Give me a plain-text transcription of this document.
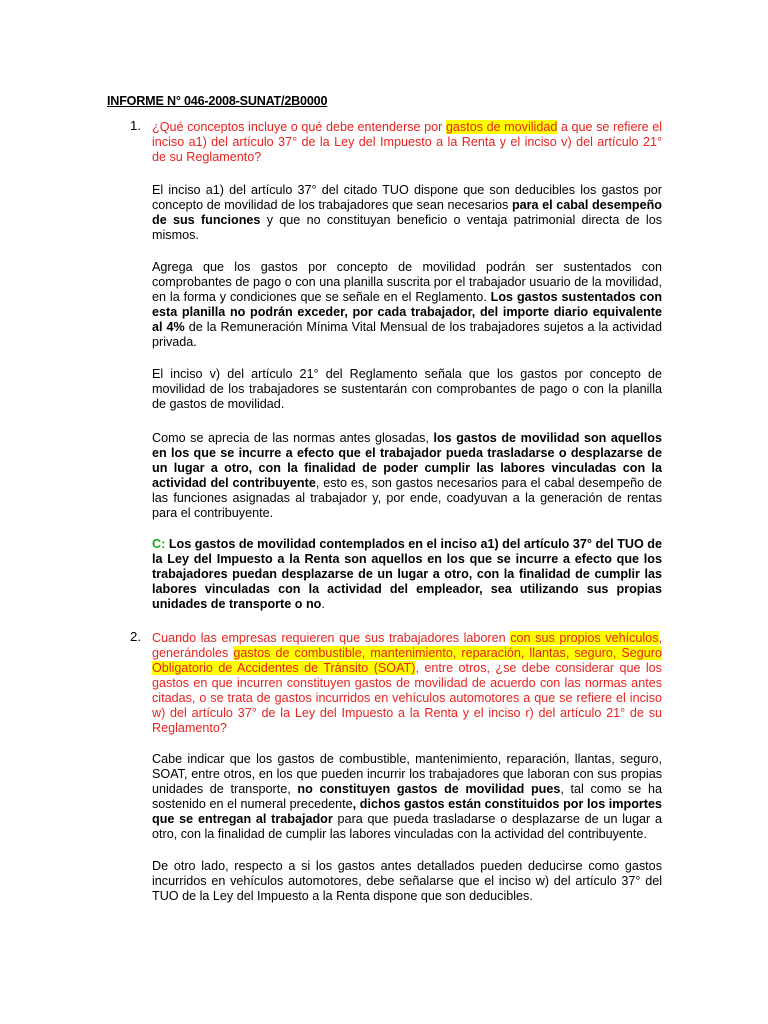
INFORME N° 046-2008-SUNAT/2B0000
1. ¿Qué conceptos incluye o qué debe entenderse por gastos de movilidad a que se refiere el inciso a1) del artículo 37° de la Ley del Impuesto a la Renta y el inciso v) del artículo 21° de su Reglamento?

El inciso a1) del artículo 37° del citado TUO dispone que son deducibles los gastos por concepto de movilidad de los trabajadores que sean necesarios para el cabal desempeño de sus funciones y que no constituyan beneficio o ventaja patrimonial directa de los mismos.

Agrega que los gastos por concepto de movilidad podrán ser sustentados con comprobantes de pago o con una planilla suscrita por el trabajador usuario de la movilidad, en la forma y condiciones que se señale en el Reglamento. Los gastos sustentados con esta planilla no podrán exceder, por cada trabajador, del importe diario equivalente al 4% de la Remuneración Mínima Vital Mensual de los trabajadores sujetos a la actividad privada.

El inciso v) del artículo 21° del Reglamento señala que los gastos por concepto de movilidad de los trabajadores se sustentarán con comprobantes de pago o con la planilla de gastos de movilidad.

Como se aprecia de las normas antes glosadas, los gastos de movilidad son aquellos en los que se incurre a efecto que el trabajador pueda trasladarse o desplazarse de un lugar a otro, con la finalidad de poder cumplir las labores vinculadas con la actividad del contribuyente, esto es, son gastos necesarios para el cabal desempeño de las funciones asignadas al trabajador y, por ende, coadyuvan a la generación de rentas para el contribuyente.

C: Los gastos de movilidad contemplados en el inciso a1) del artículo 37° del TUO de la Ley del Impuesto a la Renta son aquellos en los que se incurre a efecto que los trabajadores puedan desplazarse de un lugar a otro, con la finalidad de cumplir las labores vinculadas con la actividad del empleador, sea utilizando sus propias unidades de transporte o no.

2. Cuando las empresas requieren que sus trabajadores laboren con sus propios vehículos, generándoles gastos de combustible, mantenimiento, reparación, llantas, seguro, Seguro Obligatorio de Accidentes de Tránsito (SOAT), entre otros, ¿se debe considerar que los gastos en que incurren constituyen gastos de movilidad de acuerdo con las normas antes citadas, o se trata de gastos incurridos en vehículos automotores a que se refiere el inciso w) del artículo 37° de la Ley del Impuesto a la Renta y el inciso r) del artículo 21° de su Reglamento?

Cabe indicar que los gastos de combustible, mantenimiento, reparación, llantas, seguro, SOAT, entre otros, en los que pueden incurrir los trabajadores que laboran con sus propias unidades de transporte, no constituyen gastos de movilidad pues, tal como se ha sostenido en el numeral precedente, dichos gastos están constituidos por los importes que se entregan al trabajador para que pueda trasladarse o desplazarse de un lugar a otro, con la finalidad de cumplir las labores vinculadas con la actividad del contribuyente.

De otro lado, respecto a si los gastos antes detallados pueden deducirse como gastos incurridos en vehículos automotores, debe señalarse que el inciso w) del artículo 37° del TUO de la Ley del Impuesto a la Renta dispone que son deducibles.
